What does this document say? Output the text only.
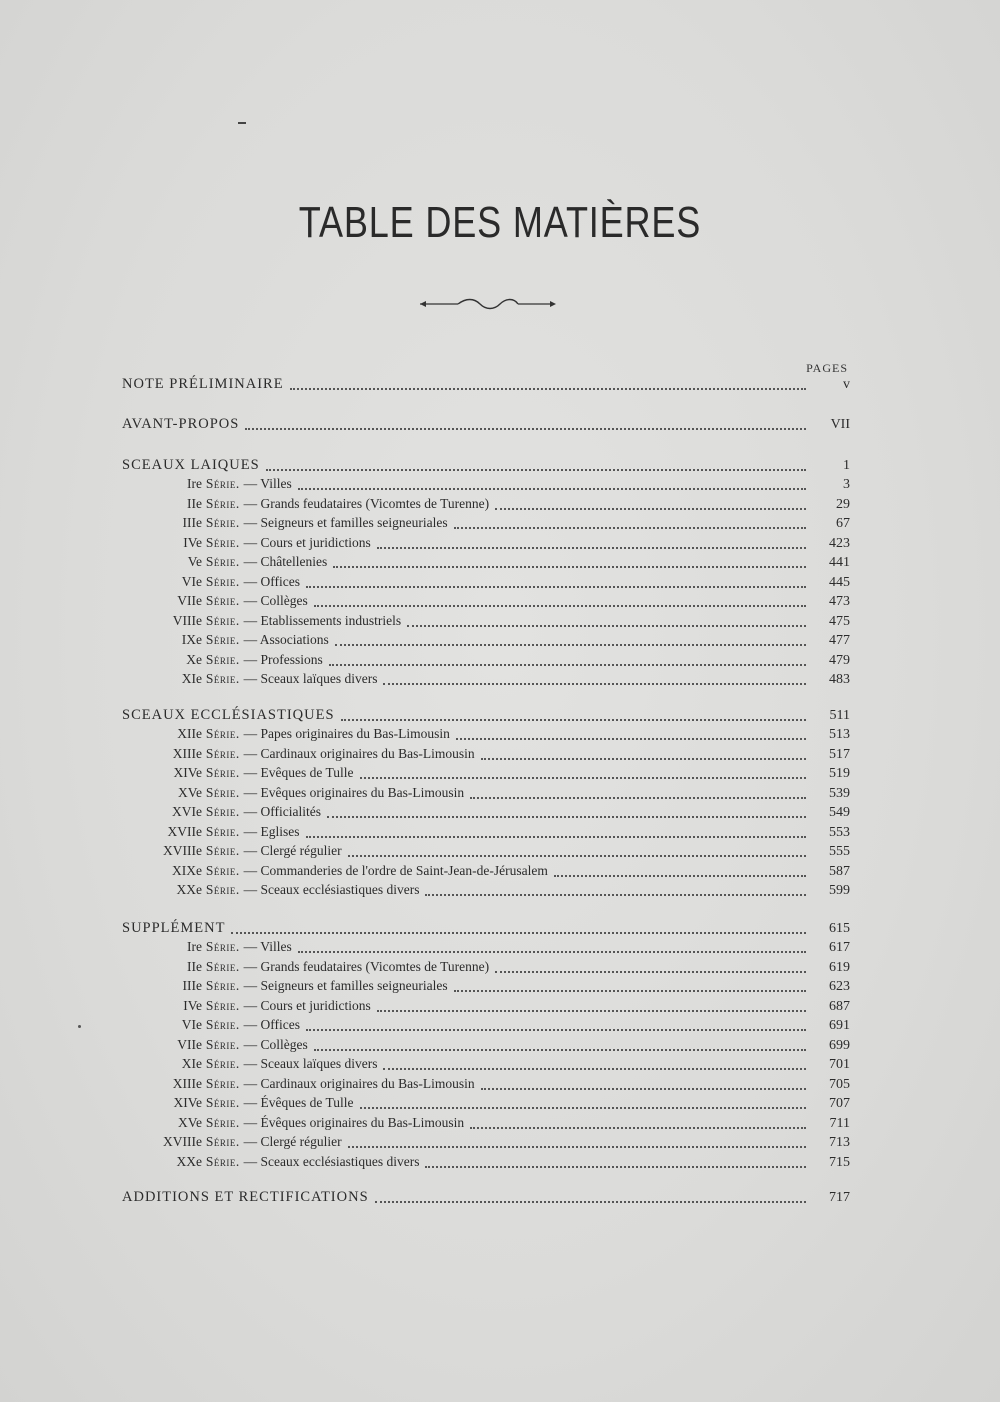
TABLE DES MATIÈRES
PAGES
NOTE PRÉLIMINAIRE	v
AVANT-PROPOS	VII
SCEAUX LAIQUES	1
Ire Série. — Villes	3
IIe Série. — Grands feudataires (Vicomtes de Turenne)	29
IIIe Série. — Seigneurs et familles seigneuriales	67
IVe Série. — Cours et juridictions	423
Ve Série. — Châtellenies	441
VIe Série. — Offices	445
VIIe Série. — Collèges	473
VIIIe Série. — Etablissements industriels	475
IXe Série. — Associations	477
Xe Série. — Professions	479
XIe Série. — Sceaux laïques divers	483
SCEAUX ECCLÉSIASTIQUES	511
XIIe Série. — Papes originaires du Bas-Limousin	513
XIIIe Série. — Cardinaux originaires du Bas-Limousin	517
XIVe Série. — Evêques de Tulle	519
XVe Série. — Evêques originaires du Bas-Limousin	539
XVIe Série. — Officialités	549
XVIIe Série. — Eglises	553
XVIIIe Série. — Clergé régulier	555
XIXe Série. — Commanderies de l'ordre de Saint-Jean-de-Jérusalem	587
XXe Série. — Sceaux ecclésiastiques divers	599
SUPPLÉMENT	615
Ire Série. — Villes	617
IIe Série. — Grands feudataires (Vicomtes de Turenne)	619
IIIe Série. — Seigneurs et familles seigneuriales	623
IVe Série. — Cours et juridictions	687
VIe Série. — Offices	691
VIIe Série. — Collèges	699
XIe Série. — Sceaux laïques divers	701
XIIIe Série. — Cardinaux originaires du Bas-Limousin	705
XIVe Série. — Évêques de Tulle	707
XVe Série. — Évêques originaires du Bas-Limousin	711
XVIIIe Série. — Clergé régulier	713
XXe Série. — Sceaux ecclésiastiques divers	715
ADDITIONS ET RECTIFICATIONS	717
